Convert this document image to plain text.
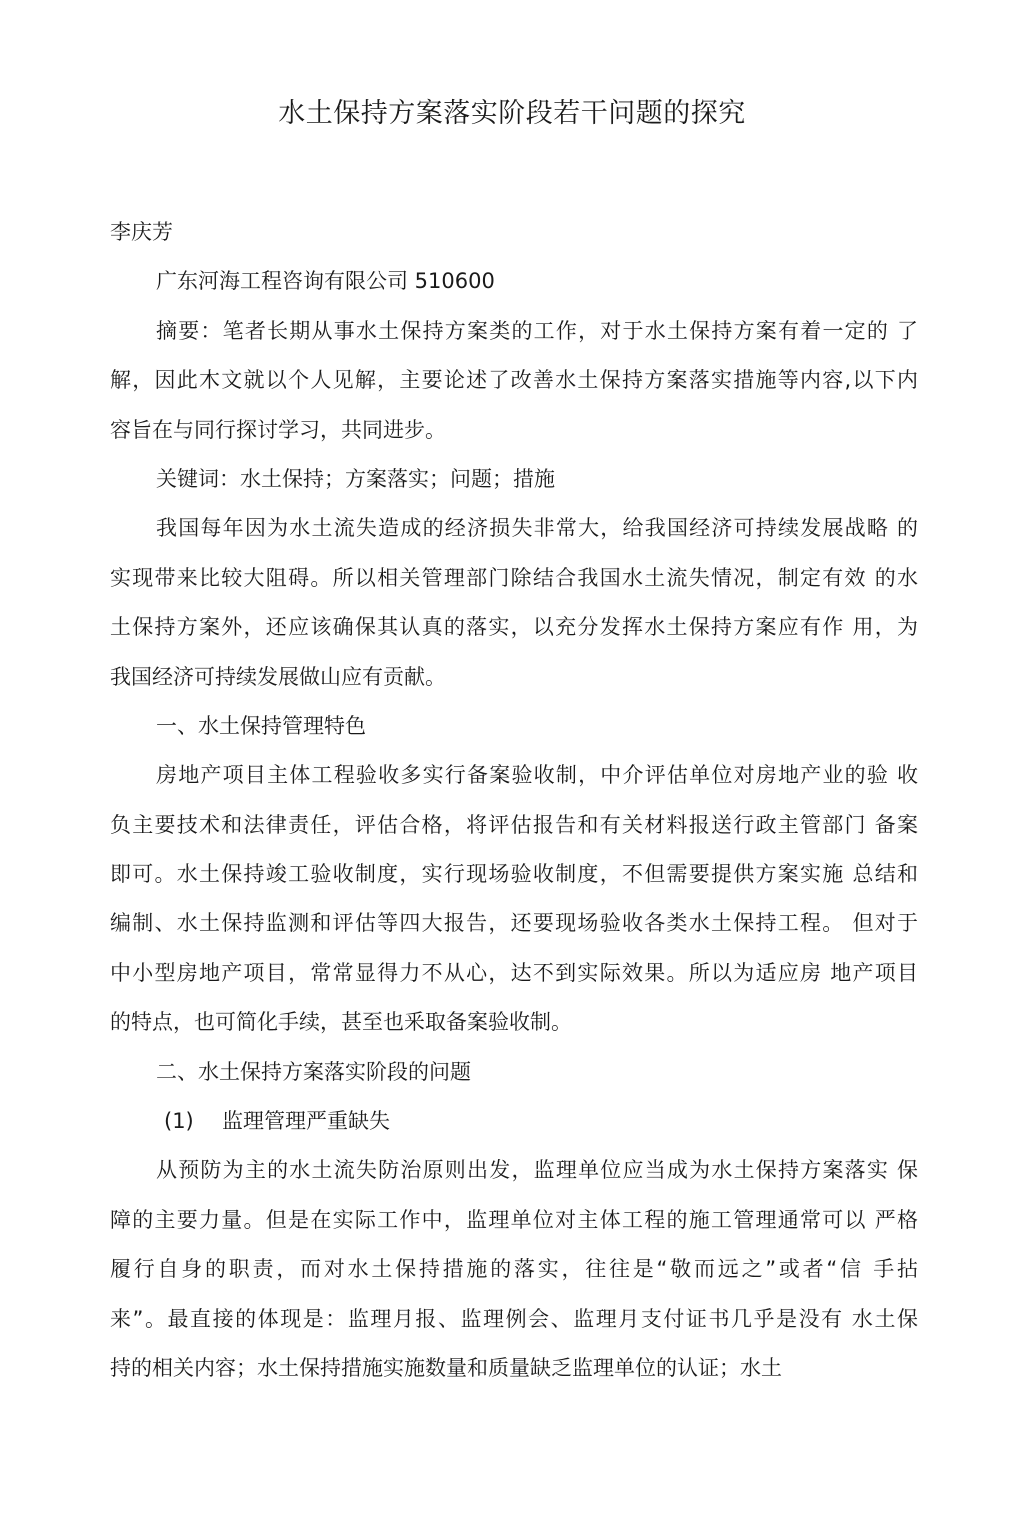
水土保持方案落实阶段若干问题的探究

李庆芳

广东河海工程咨询有限公司 510600

摘要：笔者长期从事水土保持方案类的工作，对于水土保持方案有着一定的 了

解，因此木文就以个人见解，主要论述了改善水土保持方案落实措施等内容,以下内

容旨在与同行探讨学习，共同进步。

关键词：水土保持；方案落实；问题；措施

我国每年因为水土流失造成的经济损失非常大，给我国经济可持续发展战略 的

实现带来比较大阻碍。所以相关管理部门除结合我国水土流失情况，制定有效 的水

土保持方案外，还应该确保其认真的落实，以充分发挥水土保持方案应有作 用，为

我国经济可持续发展做山应有贡献。

一、水土保持管理特色

房地产项目主体工程验收多实行备案验收制，中介评估单位对房地产业的验 收

负主要技术和法律责任，评估合格，将评估报告和有关材料报送行政主管部门 备案

即可。水土保持竣工验收制度，实行现场验收制度，不但需要提供方案实施 总结和

编制、水土保持监测和评估等四大报告，还要现场验收各类水土保持工程。 但对于

中小型房地产项目，常常显得力不从心，达不到实际效果。所以为适应房 地产项目

的特点，也可简化手续，甚至也釆取备案验收制。

二、水土保持方案落实阶段的问题

(1) 监理管理严重缺失

从预防为主的水土流失防治原则出发，监理单位应当成为水土保持方案落实 保

障的主要力量。但是在实际工作中，监理单位对主体工程的施工管理通常可以 严格

履行自身的职责，而对水土保持措施的落实，往往是“敬而远之”或者“信 手拈

来”。最直接的体现是：监理月报、监理例会、监理月支付证书几乎是没有 水土保

持的相关内容；水土保持措施实施数量和质量缺乏监理单位的认证；水土
